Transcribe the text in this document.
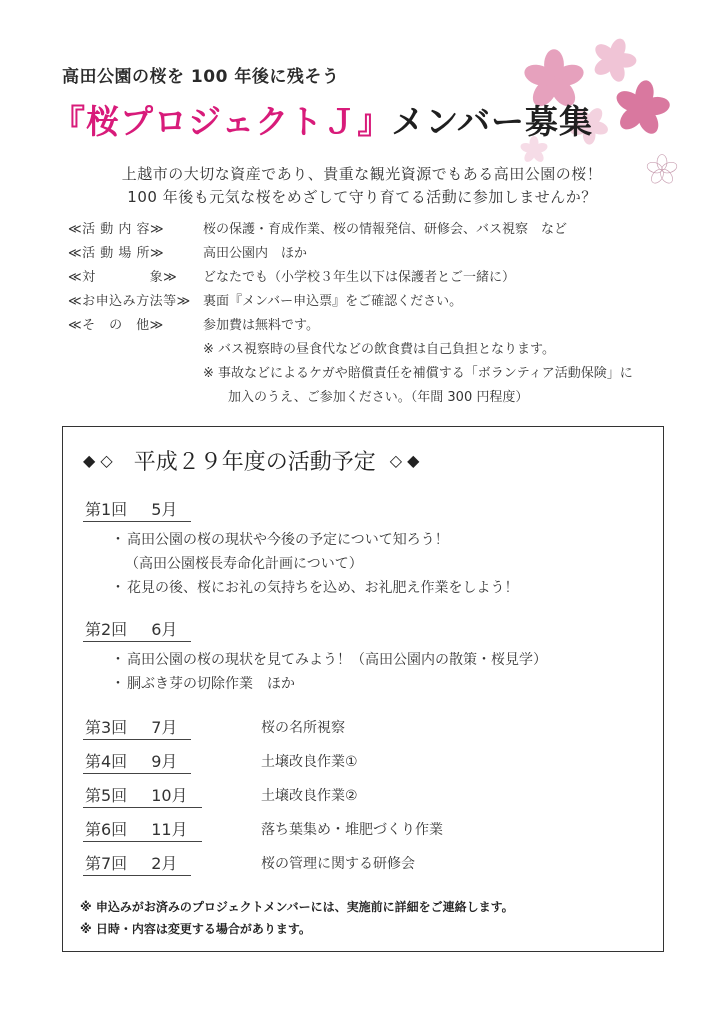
高田公園の桜を 100 年後に残そう
『桜プロジェクトＪ』メンバー募集
上越市の大切な資産であり、貴重な観光資源でもある高田公園の桜！
100 年後も元気な桜をめざして守り育てる活動に参加しませんか？
≪活 動 内 容≫	桜の保護・育成作業、桜の情報発信、研修会、バス視察　など
≪活 動 場 所≫	高田公園内　ほか
≪対　　　　象≫	どなたでも（小学校３年生以下は保護者とご一緒に）
≪お申込み方法等≫ 裏面『メンバー申込票』をご確認ください。
≪そ　の　他≫	参加費は無料です。
※ バス視察時の昼食代などの飲食費は自己負担となります。
※ 事故などによるケガや賠償責任を補償する「ボランティア活動保険」に
加入のうえ、ご参加ください。（年間 300 円程度）
◆ ◇ 平成２９年度の活動予定 ◇ ◆
第1回 5月
・ 高田公園の桜の現状や今後の予定について知ろう！
（高田公園桜長寿命化計画について）
・ 花見の後、桜にお礼の気持ちを込め、お礼肥え作業をしよう！
第2回 6月
・ 高田公園の桜の現状を見てみよう！（高田公園内の散策・桜見学）
・ 胴ぶき芽の切除作業　ほか
第3回 7月	桜の名所視察
第4回 9月	土壌改良作業①
第5回 10月	土壌改良作業②
第6回 11月	落ち葉集め・堆肥づくり作業
第7回 2月	桜の管理に関する研修会
※ 申込みがお済みのプロジェクトメンバーには、実施前に詳細をご連絡します。
※ 日時・内容は変更する場合があります。
